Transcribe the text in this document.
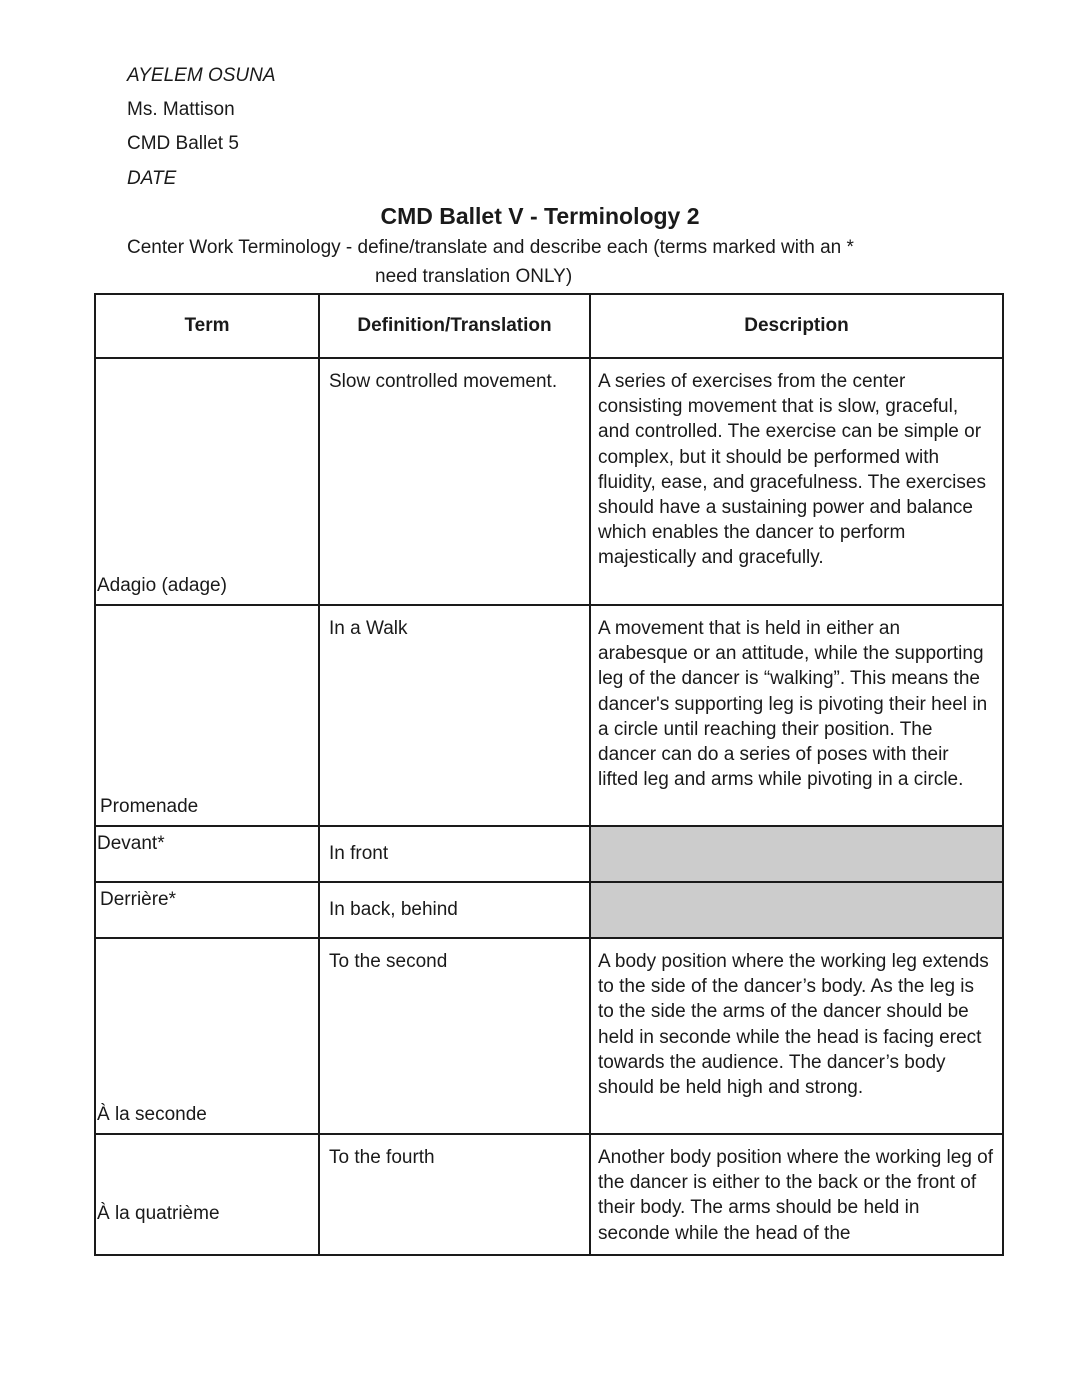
AYELEM OSUNA
Ms. Mattison
CMD Ballet 5
DATE
CMD Ballet V - Terminology 2
Center Work Terminology - define/translate and describe each (terms marked with an *
need translation ONLY)
Term	Definition/Translation	Description
Adagio (adage)	Slow controlled movement.	A series of exercises from the center consisting movement that is slow, graceful, and controlled. The exercise can be simple or complex, but it should be performed with fluidity, ease, and gracefulness. The exercises should have a sustaining power and balance which enables the dancer to perform majestically and gracefully.
Promenade	In a Walk	A movement that is held in either an arabesque or an attitude, while the supporting leg of the dancer is “walking”. This means the dancer's supporting leg is pivoting their heel in a circle until reaching their position. The dancer can do a series of poses with their lifted leg and arms while pivoting in a circle.
Devant*	In front	
Derrière*	In back, behind	
À la seconde	To the second	A body position where the working leg extends to the side of the dancer’s body. As the leg is to the side the arms of the dancer should be held in seconde while the head is facing erect towards the audience. The dancer’s body should be held high and strong.
À la quatrième	To the fourth	Another body position where the working leg of the dancer is either to the back or the front of their body. The arms should be held in seconde while the head of the
